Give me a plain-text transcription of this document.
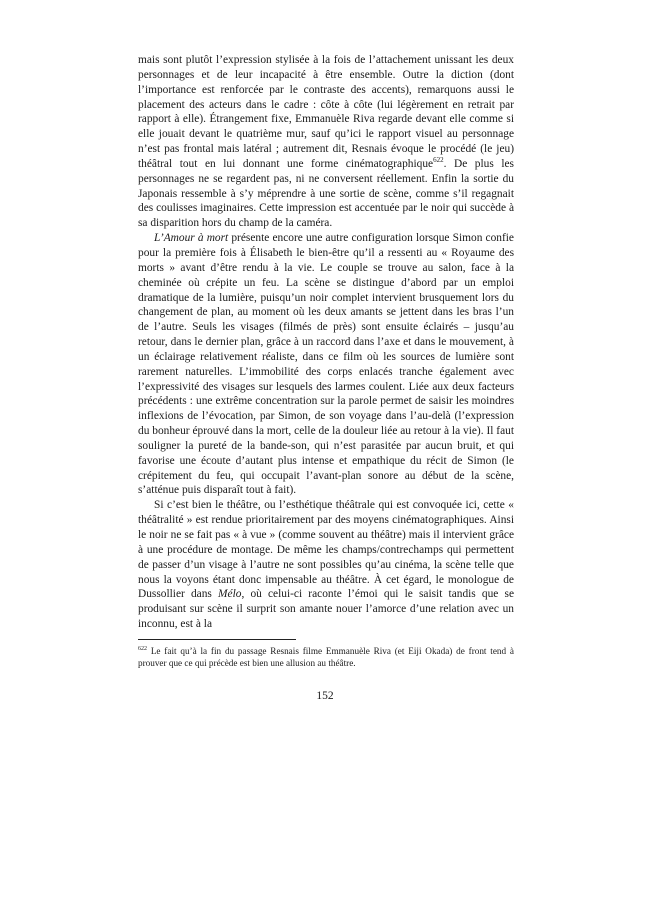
mais sont plutôt l’expression stylisée à la fois de l’attachement unissant les deux personnages et de leur incapacité à être ensemble. Outre la diction (dont l’importance est renforcée par le contraste des accents), remarquons aussi le placement des acteurs dans le cadre : côte à côte (lui légèrement en retrait par rapport à elle). Étrangement fixe, Emmanuèle Riva regarde devant elle comme si elle jouait devant le quatrième mur, sauf qu’ici le rapport visuel au personnage n’est pas frontal mais latéral ; autrement dit, Resnais évoque le procédé (le jeu) théâtral tout en lui donnant une forme cinématographique$^{622}$. De plus les personnages ne se regardent pas, ni ne conversent réellement. Enfin la sortie du Japonais ressemble à s’y méprendre à une sortie de scène, comme s’il regagnait des coulisses imaginaires. Cette impression est accentuée par le noir qui succède à sa disparition hors du champ de la caméra.

L’Amour à mort présente encore une autre configuration lorsque Simon confie pour la première fois à Élisabeth le bien-être qu’il a ressenti au « Royaume des morts » avant d’être rendu à la vie. Le couple se trouve au salon, face à la cheminée où crépite un feu. La scène se distingue d’abord par un emploi dramatique de la lumière, puisqu’un noir complet intervient brusquement lors du changement de plan, au moment où les deux amants se jettent dans les bras l’un de l’autre. Seuls les visages (filmés de près) sont ensuite éclairés – jusqu’au retour, dans le dernier plan, grâce à un raccord dans l’axe et dans le mouvement, à un éclairage relativement réaliste, dans ce film où les sources de lumière sont rarement naturelles. L’immobilité des corps enlacés tranche également avec l’expressivité des visages sur lesquels des larmes coulent. Liée aux deux facteurs précédents : une extrême concentration sur la parole permet de saisir les moindres inflexions de l’évocation, par Simon, de son voyage dans l’au-delà (l’expression du bonheur éprouvé dans la mort, celle de la douleur liée au retour à la vie). Il faut souligner la pureté de la bande-son, qui n’est parasitée par aucun bruit, et qui favorise une écoute d’autant plus intense et empathique du récit de Simon (le crépitement du feu, qui occupait l’avant-plan sonore au début de la scène, s’atténue puis disparaît tout à fait).

Si c’est bien le théâtre, ou l’esthétique théâtrale qui est convoquée ici, cette « théâtralité » est rendue prioritairement par des moyens cinématographiques. Ainsi le noir ne se fait pas « à vue » (comme souvent au théâtre) mais il intervient grâce à une procédure de montage. De même les champs/contrechamps qui permettent de passer d’un visage à l’autre ne sont possibles qu’au cinéma, la scène telle que nous la voyons étant donc impensable au théâtre. À cet égard, le monologue de Dussollier dans Mélo, où celui-ci raconte l’émoi qui le saisit tandis que se produisant sur scène il surprit son amante nouer l’amorce d’une relation avec un inconnu, est à la

$^{622}$ Le fait qu’à la fin du passage Resnais filme Emmanuèle Riva (et Eiji Okada) de front tend à prouver que ce qui précède est bien une allusion au théâtre.
152
